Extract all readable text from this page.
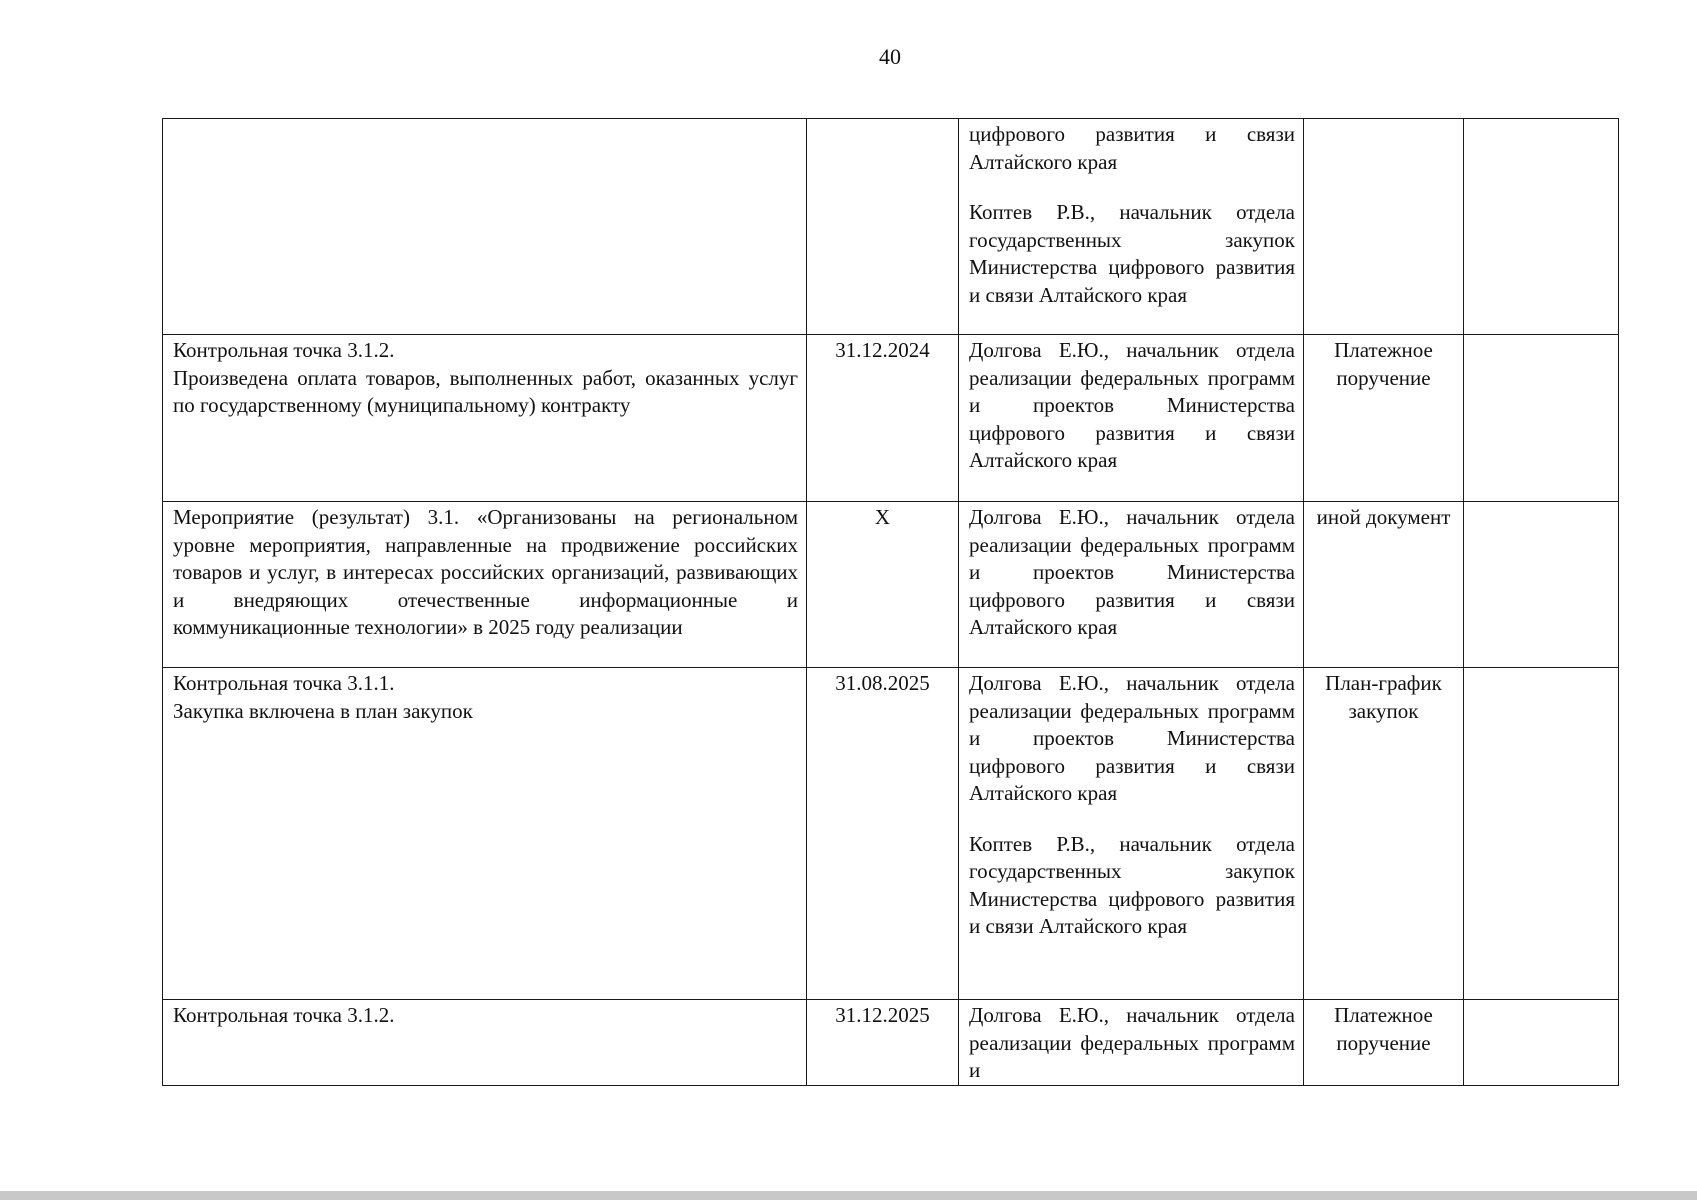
40

		цифрового развития и связи Алтайского края
Коптев Р.В., начальник отдела государственных закупок Министерства цифрового развития и связи Алтайского края		

Контрольная точка 3.1.2.
Произведена оплата товаров, выполненных работ, оказанных услуг по государственному (муниципальному) контракту	31.12.2024	Долгова Е.Ю., начальник отдела реализации федеральных программ и проектов Министерства цифрового развития и связи Алтайского края	Платежное поручение	

Мероприятие (результат) 3.1. «Организованы на региональном уровне мероприятия, направленные на продвижение российских товаров и услуг, в интересах российских организаций, развивающих и внедряющих отечественные информационные и коммуникационные технологии» в 2025 году реализации	X	Долгова Е.Ю., начальник отдела реализации федеральных программ и проектов Министерства цифрового развития и связи Алтайского края	иной документ	

Контрольная точка 3.1.1.
Закупка включена в план закупок	31.08.2025	Долгова Е.Ю., начальник отдела реализации федеральных программ и проектов Министерства цифрового развития и связи Алтайского края
Коптев Р.В., начальник отдела государственных закупок Министерства цифрового развития и связи Алтайского края	План-график закупок	

Контрольная точка 3.1.2.	31.12.2025	Долгова Е.Ю., начальник отдела реализации федеральных программ и	Платежное поручение	
